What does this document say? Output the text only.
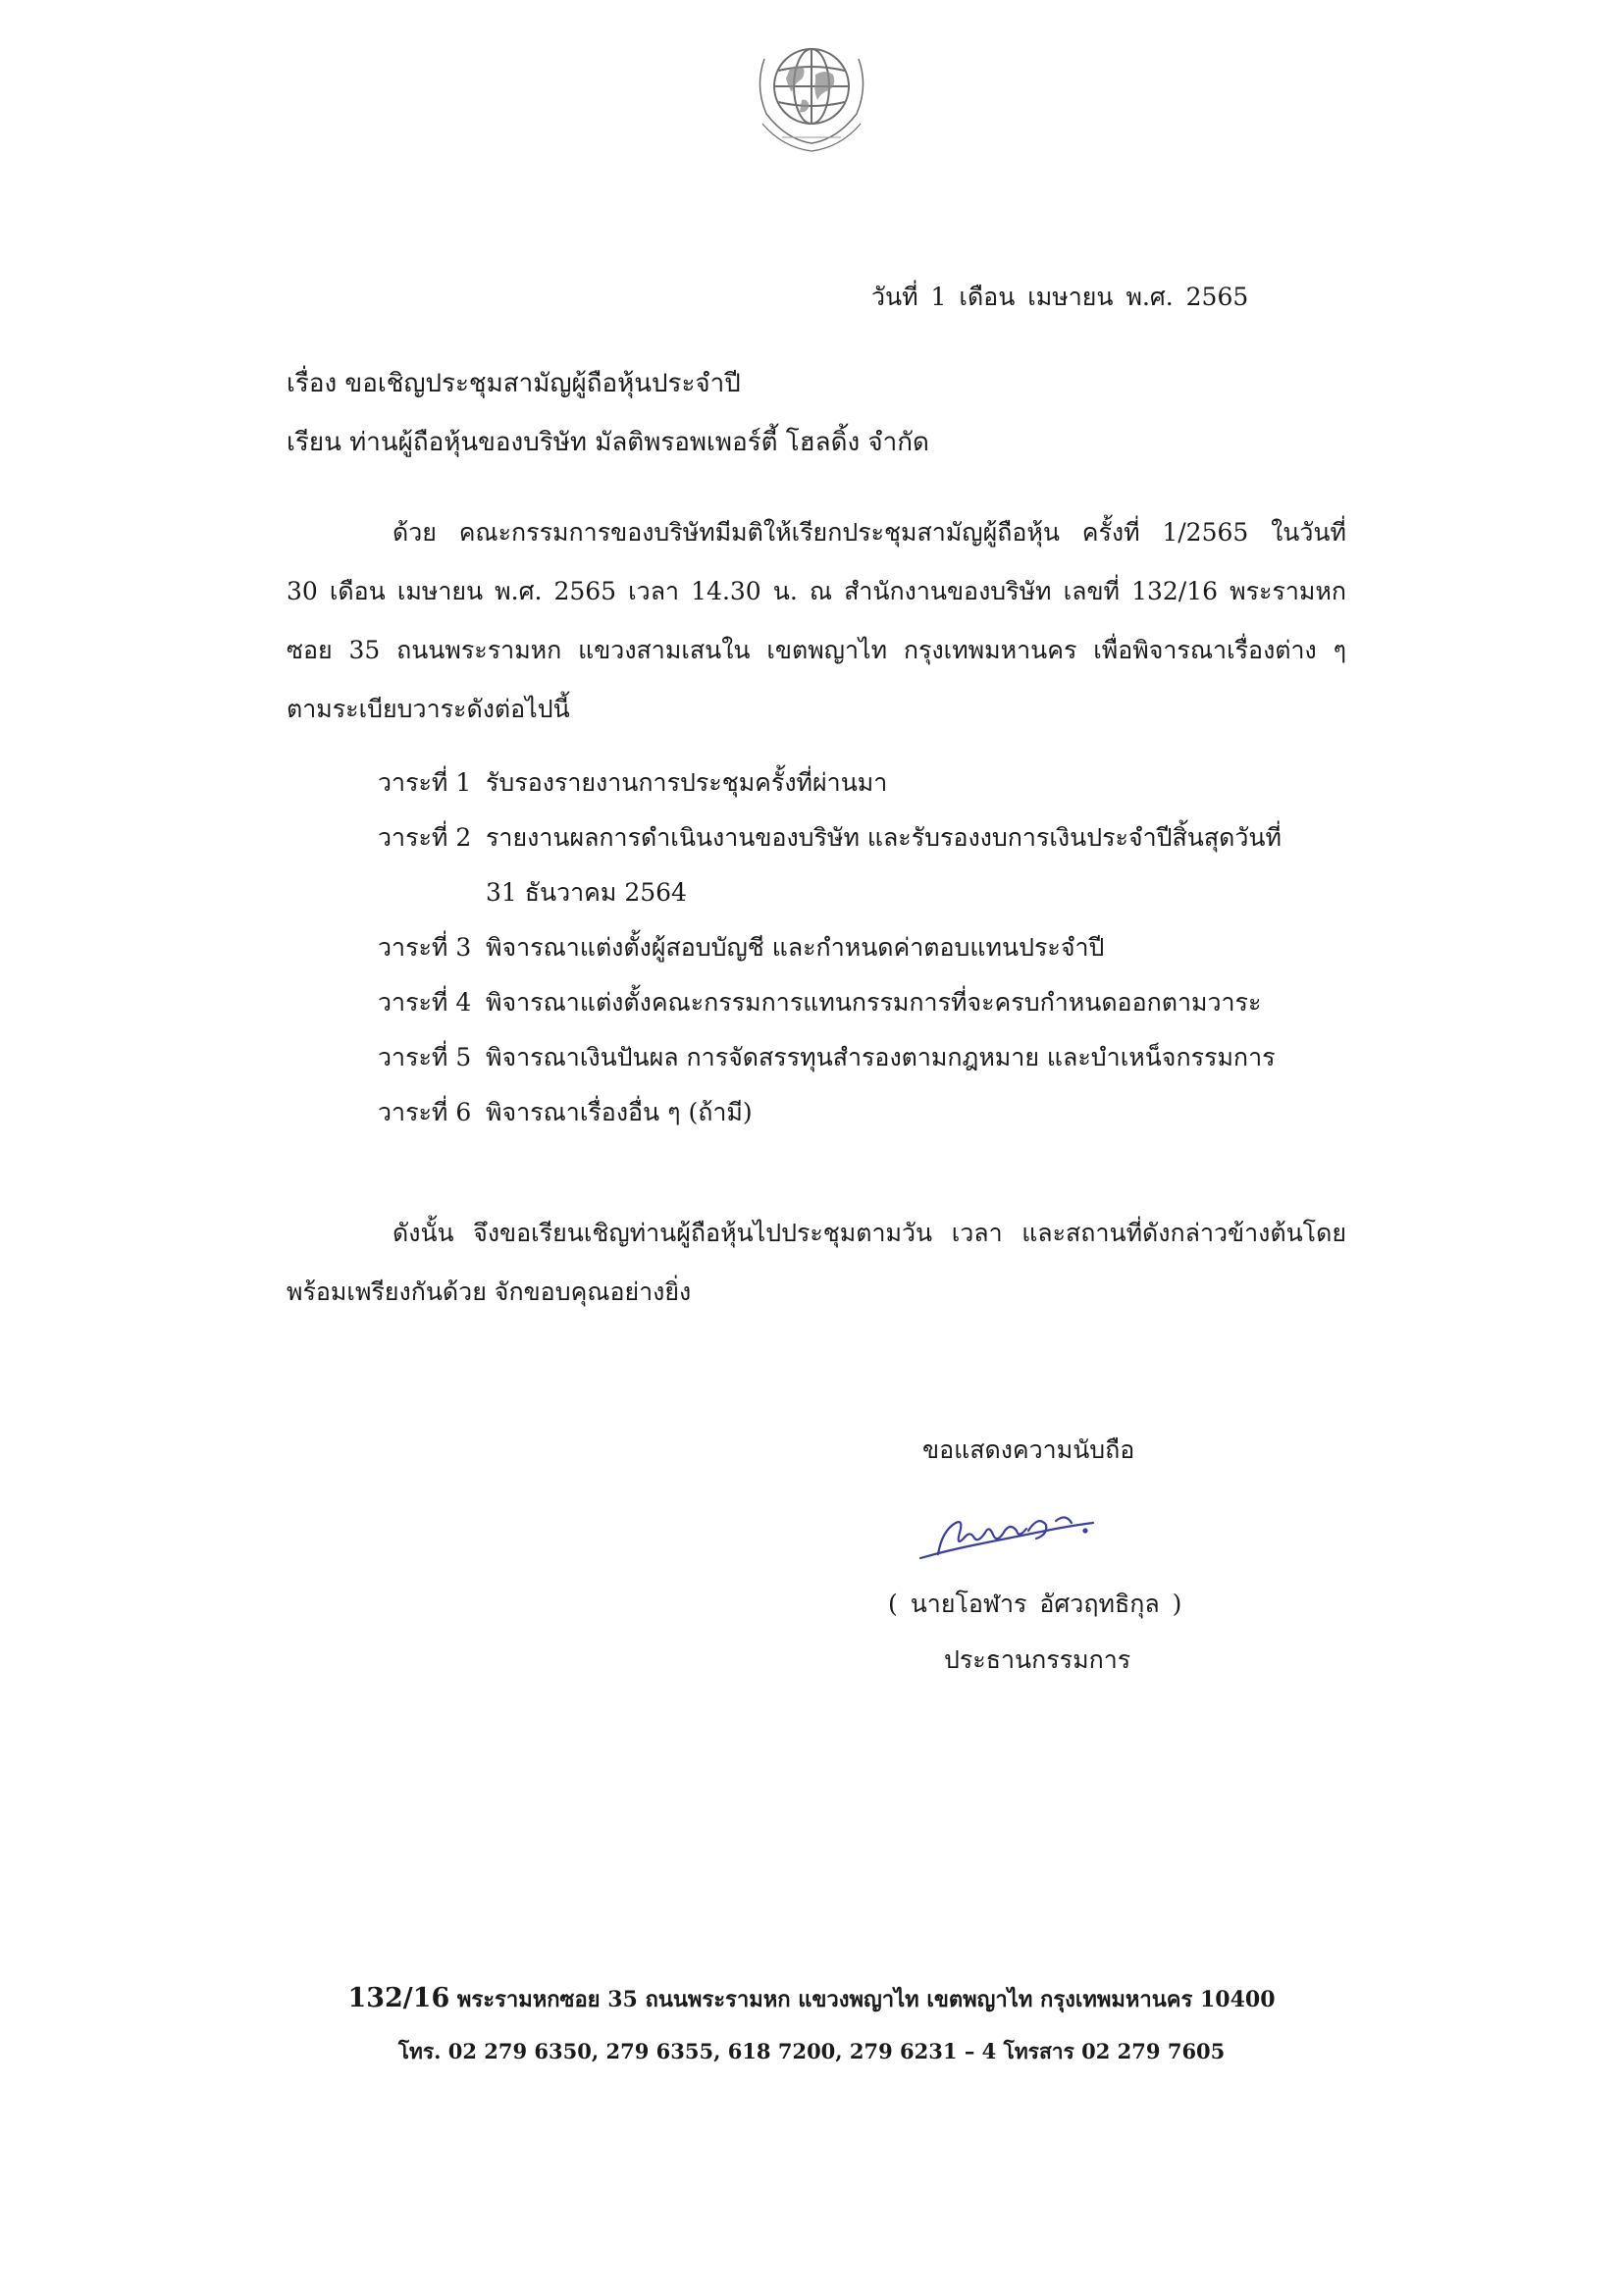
วันที่ 1 เดือน เมษายน พ.ศ. 2565
เรื่อง ขอเชิญประชุมสามัญผู้ถือหุ้นประจำปี
เรียน ท่านผู้ถือหุ้นของบริษัท มัลติพรอพเพอร์ตี้ โฮลดิ้ง จำกัด

ด้วย คณะกรรมการของบริษัทมีมติให้เรียกประชุมสามัญผู้ถือหุ้น ครั้งที่ 1/2565 ในวันที่
30 เดือน เมษายน พ.ศ. 2565 เวลา 14.30 น. ณ สำนักงานของบริษัท เลขที่ 132/16 พระรามหก
ซอย 35 ถนนพระรามหก แขวงสามเสนใน เขตพญาไท กรุงเทพมหานคร เพื่อพิจารณาเรื่องต่าง ๆ
ตามระเบียบวาระดังต่อไปนี้

วาระที่ 1 รับรองรายงานการประชุมครั้งที่ผ่านมา
วาระที่ 2 รายงานผลการดำเนินงานของบริษัท และรับรองงบการเงินประจำปีสิ้นสุดวันที่
31 ธันวาคม 2564
วาระที่ 3 พิจารณาแต่งตั้งผู้สอบบัญชี และกำหนดค่าตอบแทนประจำปี
วาระที่ 4 พิจารณาแต่งตั้งคณะกรรมการแทนกรรมการที่จะครบกำหนดออกตามวาระ
วาระที่ 5 พิจารณาเงินปันผล การจัดสรรทุนสำรองตามกฎหมาย และบำเหน็จกรรมการ
วาระที่ 6 พิจารณาเรื่องอื่น ๆ (ถ้ามี)

ดังนั้น จึงขอเรียนเชิญท่านผู้ถือหุ้นไปประชุมตามวัน เวลา และสถานที่ดังกล่าวข้างต้นโดย
พร้อมเพรียงกันด้วย จักขอบคุณอย่างยิ่ง

ขอแสดงความนับถือ
( นายโอฬาร อัศวฤทธิกุล )
ประธานกรรมการ
132/16 พระรามหกซอย 35 ถนนพระรามหก แขวงพญาไท เขตพญาไท กรุงเทพมหานคร 10400
โทร. 02 279 6350, 279 6355, 618 7200, 279 6231 – 4 โทรสาร 02 279 7605
